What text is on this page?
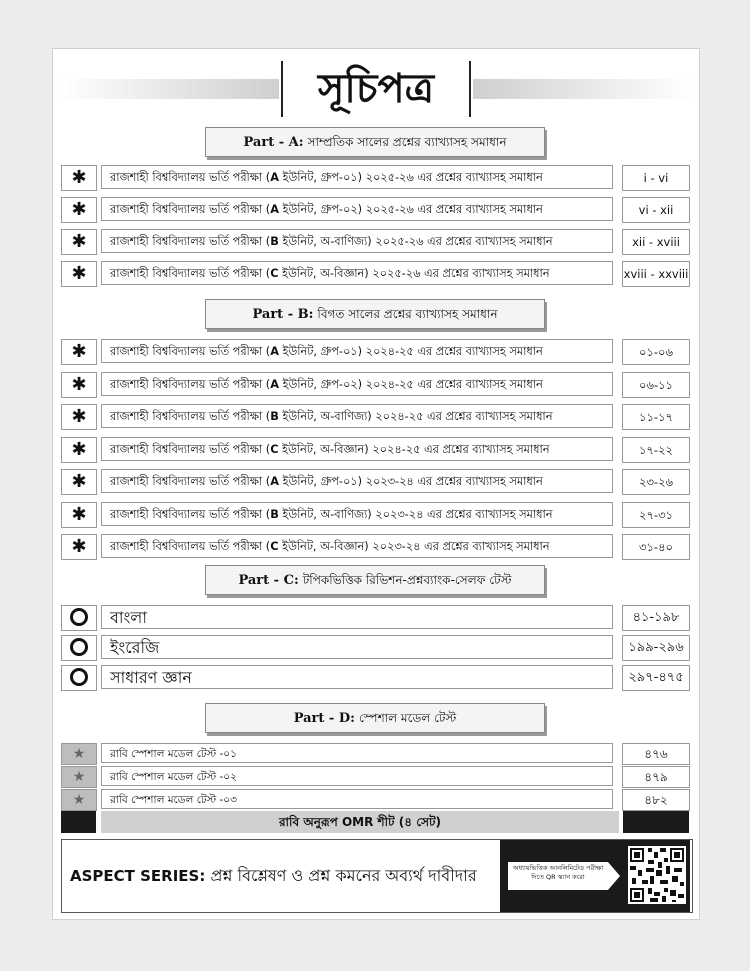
সূচিপত্র
Part - A: সাম্প্রতিক সালের প্রশ্নের ব্যাখ্যাসহ সমাধান
✱	রাজশাহী বিশ্ববিদ্যালয় ভর্তি পরীক্ষা (A ইউনিট, গ্রুপ-০১) ২০২৫-২৬ এর প্রশ্নের ব্যাখ্যাসহ সমাধান	i - vi
✱	রাজশাহী বিশ্ববিদ্যালয় ভর্তি পরীক্ষা (A ইউনিট, গ্রুপ-০২) ২০২৫-২৬ এর প্রশ্নের ব্যাখ্যাসহ সমাধান	vi - xii
✱	রাজশাহী বিশ্ববিদ্যালয় ভর্তি পরীক্ষা (B ইউনিট, অ-বাণিজ্য) ২০২৫-২৬ এর প্রশ্নের ব্যাখ্যাসহ সমাধান	xii - xviii
✱	রাজশাহী বিশ্ববিদ্যালয় ভর্তি পরীক্ষা (C ইউনিট, অ-বিজ্ঞান) ২০২৫-২৬ এর প্রশ্নের ব্যাখ্যাসহ সমাধান	xviii - xxviii
Part - B: বিগত সালের প্রশ্নের ব্যাখ্যাসহ সমাধান
✱	রাজশাহী বিশ্ববিদ্যালয় ভর্তি পরীক্ষা (A ইউনিট, গ্রুপ-০১) ২০২৪-২৫ এর প্রশ্নের ব্যাখ্যাসহ সমাধান	০১-০৬
✱	রাজশাহী বিশ্ববিদ্যালয় ভর্তি পরীক্ষা (A ইউনিট, গ্রুপ-০২) ২০২৪-২৫ এর প্রশ্নের ব্যাখ্যাসহ সমাধান	০৬-১১
✱	রাজশাহী বিশ্ববিদ্যালয় ভর্তি পরীক্ষা (B ইউনিট, অ-বাণিজ্য) ২০২৪-২৫ এর প্রশ্নের ব্যাখ্যাসহ সমাধান	১১-১৭
✱	রাজশাহী বিশ্ববিদ্যালয় ভর্তি পরীক্ষা (C ইউনিট, অ-বিজ্ঞান) ২০২৪-২৫ এর প্রশ্নের ব্যাখ্যাসহ সমাধান	১৭-২২
✱	রাজশাহী বিশ্ববিদ্যালয় ভর্তি পরীক্ষা (A ইউনিট, গ্রুপ-০১) ২০২৩-২৪ এর প্রশ্নের ব্যাখ্যাসহ সমাধান	২৩-২৬
✱	রাজশাহী বিশ্ববিদ্যালয় ভর্তি পরীক্ষা (B ইউনিট, অ-বাণিজ্য) ২০২৩-২৪ এর প্রশ্নের ব্যাখ্যাসহ সমাধান	২৭-৩১
✱	রাজশাহী বিশ্ববিদ্যালয় ভর্তি পরীক্ষা (C ইউনিট, অ-বিজ্ঞান) ২০২৩-২৪ এর প্রশ্নের ব্যাখ্যাসহ সমাধান	৩১-৪০
Part - C: টপিকভিত্তিক রিভিশন-প্রশ্নব্যাংক-সেলফ টেস্ট
বাংলা	৪১-১৯৮
ইংরেজি	১৯৯-২৯৬
সাধারণ জ্ঞান	২৯৭-৪৭৫
Part - D: স্পেশাল মডেল টেস্ট
★	রাবি স্পেশাল মডেল টেস্ট -০১	৪৭৬
★	রাবি স্পেশাল মডেল টেস্ট -০২	৪৭৯
★	রাবি স্পেশাল মডেল টেস্ট -০৩	৪৮২
রাবি অনুরূপ OMR শীট (৪ সেট)
ASPECT SERIES: প্রশ্ন বিশ্লেষণ ও প্রশ্ন কমনের অব্যর্থ দাবীদার	অধ্যায়ভিত্তিক আনলিমিটেড পরীক্ষা দিতে QR স্ক্যান করো
